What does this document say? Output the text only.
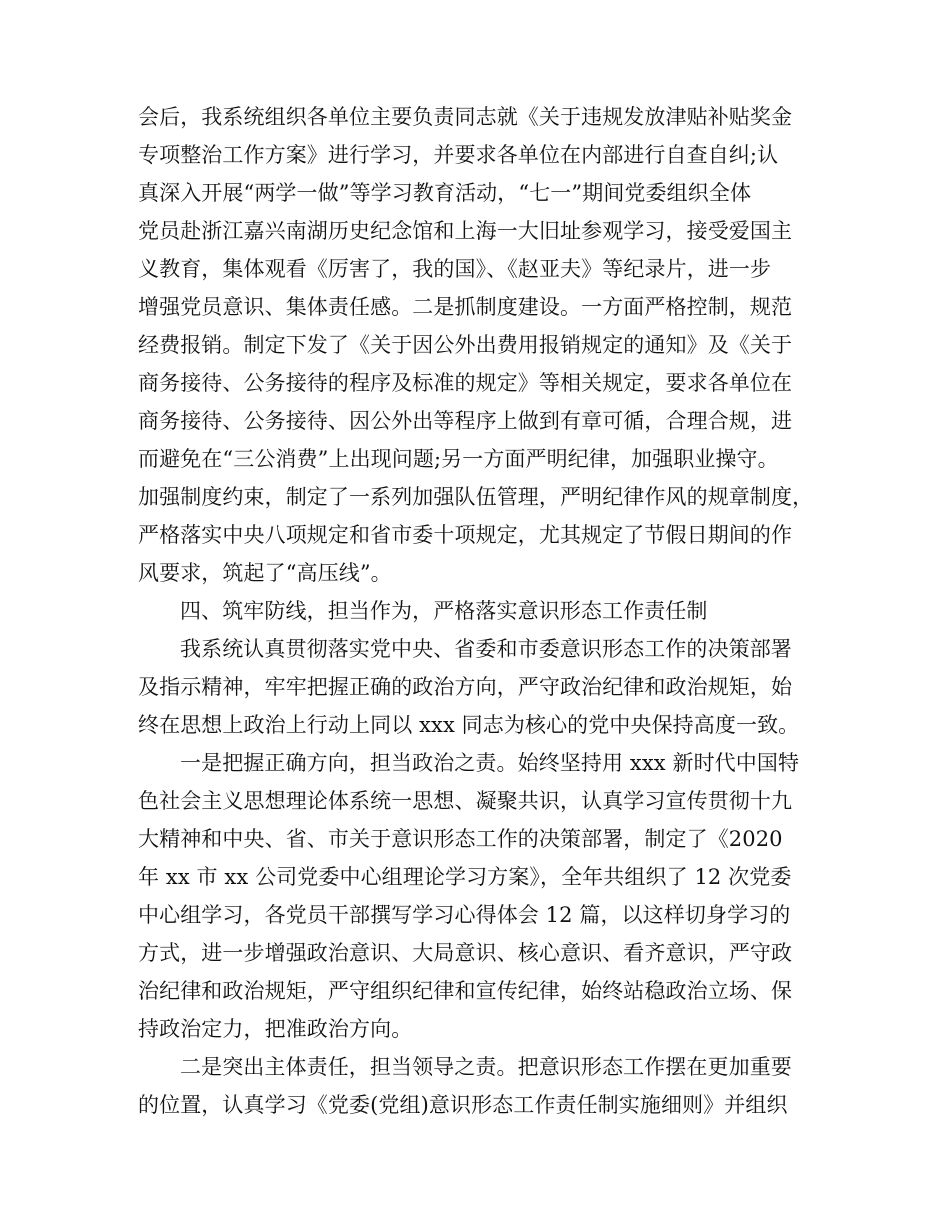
会后，我系统组织各单位主要负责同志就《关于违规发放津贴补贴奖金
专项整治工作方案》进行学习，并要求各单位在内部进行自查自纠;认
真深入开展“两学一做”等学习教育活动，“七一”期间党委组织全体
党员赴浙江嘉兴南湖历史纪念馆和上海一大旧址参观学习，接受爱国主
义教育，集体观看《厉害了，我的国》、《赵亚夫》等纪录片，进一步
增强党员意识、集体责任感。二是抓制度建设。一方面严格控制，规范
经费报销。制定下发了《关于因公外出费用报销规定的通知》及《关于
商务接待、公务接待的程序及标准的规定》等相关规定，要求各单位在
商务接待、公务接待、因公外出等程序上做到有章可循，合理合规，进
而避免在“三公消费”上出现问题;另一方面严明纪律，加强职业操守。
加强制度约束，制定了一系列加强队伍管理，严明纪律作风的规章制度，
严格落实中央八项规定和省市委十项规定，尤其规定了节假日期间的作
风要求，筑起了“高压线”。
四、筑牢防线，担当作为，严格落实意识形态工作责任制
我系统认真贯彻落实党中央、省委和市委意识形态工作的决策部署
及指示精神，牢牢把握正确的政治方向，严守政治纪律和政治规矩，始
终在思想上政治上行动上同以 xxx 同志为核心的党中央保持高度一致。
一是把握正确方向，担当政治之责。始终坚持用 xxx 新时代中国特
色社会主义思想理论体系统一思想、凝聚共识，认真学习宣传贯彻十九
大精神和中央、省、市关于意识形态工作的决策部署，制定了《2020
年 xx 市 xx 公司党委中心组理论学习方案》，全年共组织了 12 次党委
中心组学习，各党员干部撰写学习心得体会 12 篇，以这样切身学习的
方式，进一步增强政治意识、大局意识、核心意识、看齐意识，严守政
治纪律和政治规矩，严守组织纪律和宣传纪律，始终站稳政治立场、保
持政治定力，把准政治方向。
二是突出主体责任，担当领导之责。把意识形态工作摆在更加重要
的位置，认真学习《党委(党组)意识形态工作责任制实施细则》并组织
